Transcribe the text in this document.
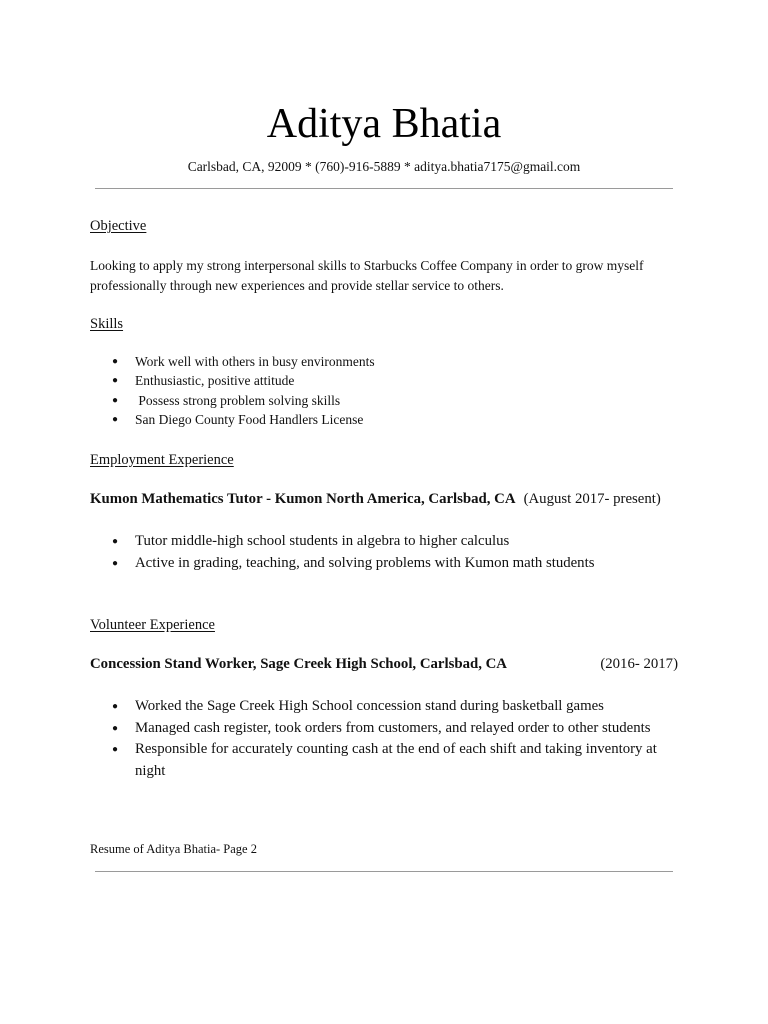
Aditya Bhatia
Carlsbad, CA, 92009 * (760)-916-5889 * aditya.bhatia7175@gmail.com
Objective
Looking to apply my strong interpersonal skills to Starbucks Coffee Company in order to grow myself professionally through new experiences and provide stellar service to others.
Skills
● Work well with others in busy environments
● Enthusiastic, positive attitude
● Possess strong problem solving skills
● San Diego County Food Handlers License
Employment Experience
Kumon Mathematics Tutor - Kumon North America, Carlsbad, CA (August 2017- present)
● Tutor middle-high school students in algebra to higher calculus
● Active in grading, teaching, and solving problems with Kumon math students
Volunteer Experience
Concession Stand Worker, Sage Creek High School, Carlsbad, CA	(2016- 2017)
● Worked the Sage Creek High School concession stand during basketball games
● Managed cash register, took orders from customers, and relayed order to other students
● Responsible for accurately counting cash at the end of each shift and taking inventory at night
Resume of Aditya Bhatia- Page 2
